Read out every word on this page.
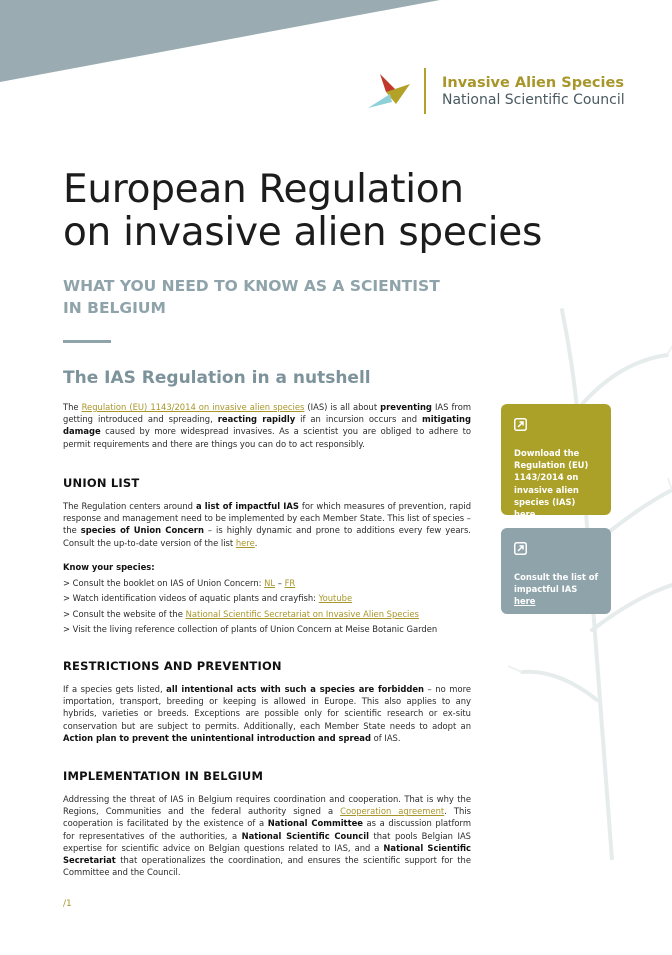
Invasive Alien Species
National Scientific Council
European Regulation
on invasive alien species
WHAT YOU NEED TO KNOW AS A SCIENTIST
IN BELGIUM
The IAS Regulation in a nutshell

The Regulation (EU) 1143/2014 on invasive alien species (IAS) is all about preventing IAS from getting introduced and spreading, reacting rapidly if an incursion occurs and mitigating damage caused by more widespread invasives. As a scientist you are obliged to adhere to permit requirements and there are things you can do to act responsibly.

UNION LIST

The Regulation centers around a list of impactful IAS for which measures of prevention, rapid response and management need to be implemented by each Member State. This list of species – the species of Union Concern – is highly dynamic and prone to additions every few years. Consult the up-to-date version of the list here.

Know your species:
> Consult the booklet on IAS of Union Concern: NL – FR
> Watch identification videos of aquatic plants and crayfish: Youtube
> Consult the website of the National Scientific Secretariat on Invasive Alien Species
> Visit the living reference collection of plants of Union Concern at Meise Botanic Garden
RESTRICTIONS AND PREVENTION

If a species gets listed, all intentional acts with such a species are forbidden – no more importation, transport, breeding or keeping is allowed in Europe. This also applies to any hybrids, varieties or breeds. Exceptions are possible only for scientific research or ex-situ conservation but are subject to permits. Additionally, each Member State needs to adopt an Action plan to prevent the unintentional introduction and spread of IAS.

IMPLEMENTATION IN BELGIUM

Addressing the threat of IAS in Belgium requires coordination and cooperation. That is why the Regions, Communities and the federal authority signed a Cooperation agreement. This cooperation is facilitated by the existence of a National Committee as a discussion platform for representatives of the authorities, a National Scientific Council that pools Belgian IAS expertise for scientific advice on Belgian questions related to IAS, and a National Scientific Secretariat that operationalizes the coordination, and ensures the scientific support for the Committee and the Council.

Download the Regulation (EU) 1143/2014 on invasive alien species (IAS) here
Consult the list of impactful IAS here
/1
